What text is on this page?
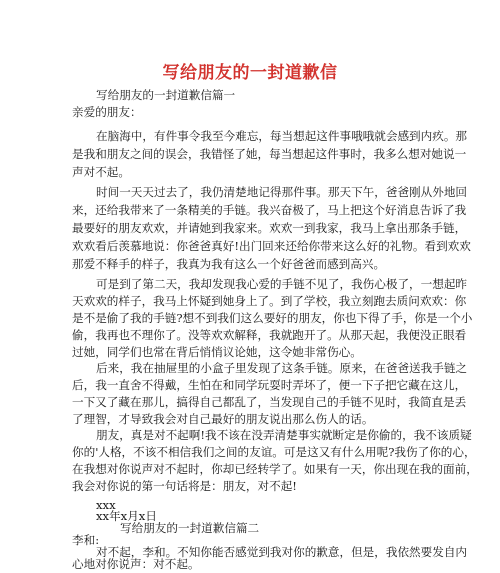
写给朋友的一封道歉信
写给朋友的一封道歉信篇一
亲爱的朋友：
在脑海中，有件事令我至今难忘，每当想起这件事哦哦就会感到内疚。那
是我和朋友之间的误会，我错怪了她，每当想起这件事时，我多么想对她说一
声对不起。
时间一天天过去了，我仍清楚地记得那件事。那天下午，爸爸刚从外地回
来，还给我带来了一条精美的手链。我兴奋极了，马上把这个好消息告诉了我
最要好的朋友欢欢，并请她到我家来。欢欢一到我家，我马上拿出那条手链，
欢欢看后羡慕地说：你爸爸真好!出门回来还给你带来这么好的礼物。看到欢欢
那爱不释手的样子，我真为我有这么一个好爸爸而感到高兴。
可是到了第二天，我却发现我心爱的手链不见了，我伤心极了，一想起昨
天欢欢的样子，我马上怀疑到她身上了。到了学校，我立刻跑去质问欢欢：你
是不是偷了我的手链?想不到我们这么要好的朋友，你也下得了手，你是一个小
偷，我再也不理你了。没等欢欢解释，我就跑开了。从那天起，我便没正眼看
过她，同学们也常在背后悄悄议论她，这令她非常伤心。
后来，我在抽屉里的小盒子里发现了这条手链。原来，在爸爸送我手链之
后，我一直舍不得戴，生怕在和同学玩耍时弄坏了，便一下子把它藏在这儿，
一下又了藏在那儿，搞得自己都乱了，当发现自己的手链不见时，我简直是丢
了理智，才导致我会对自己最好的朋友说出那么伤人的话。
朋友，真是对不起啊!我不该在没弄清楚事实就断定是你偷的，我不该质疑
你的'人格，不该不相信我们之间的友谊。可是这又有什么用呢?我伤了你的心，
在我想对你说声对不起时，你却已经转学了。如果有一天，你出现在我的面前，
我会对你说的第一句话将是：朋友，对不起!
xxx
xx年x月x日
写给朋友的一封道歉信篇二
李和:
对不起，李和。不知你能否感觉到我对你的歉意，但是，我依然要发自内
心地对你说声：对不起。
